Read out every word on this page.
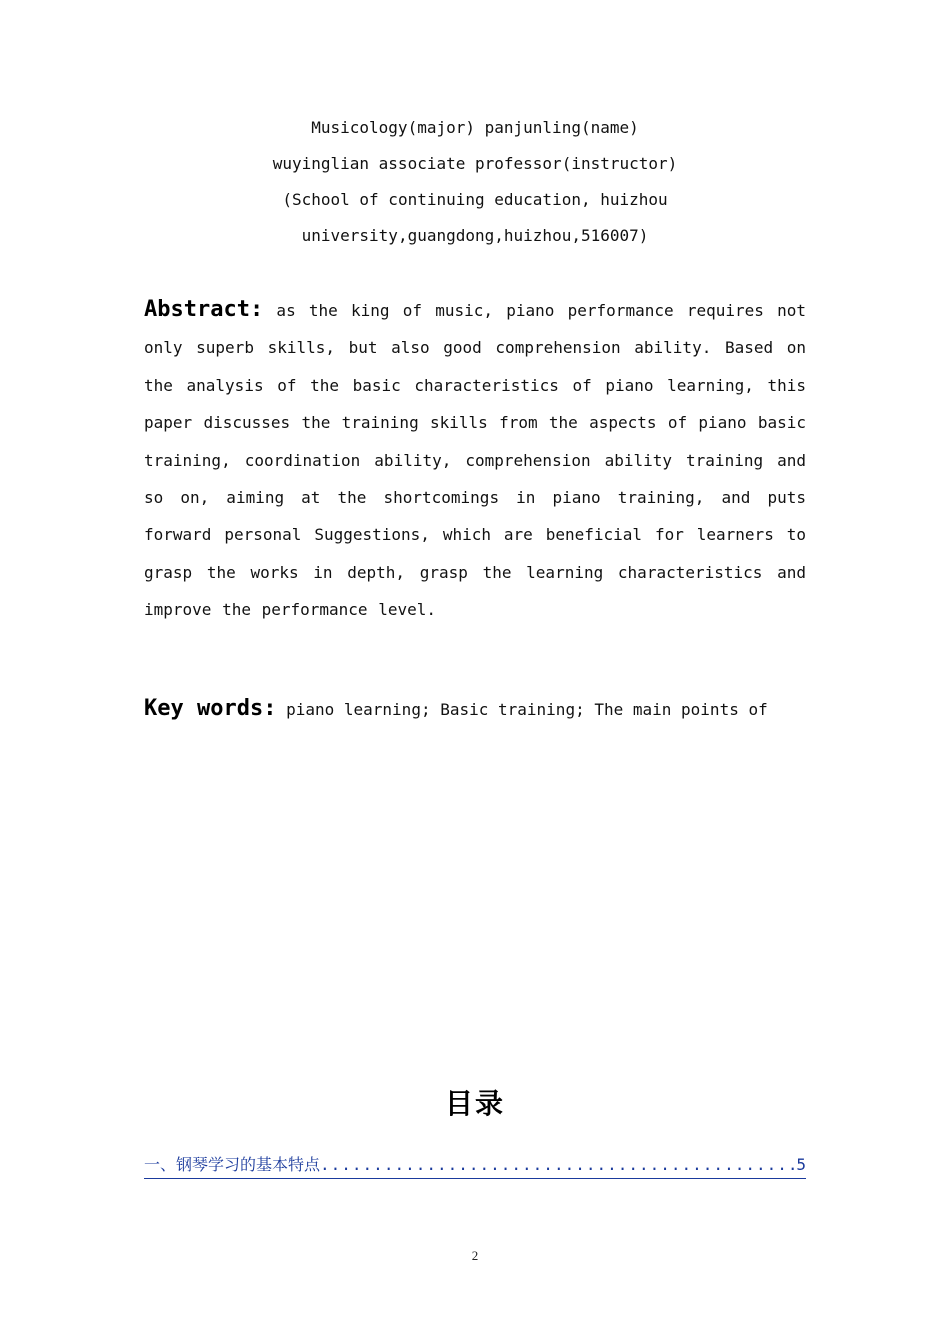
Musicology(major) panjunling(name)
wuyinglian associate professor(instructor)
(School of continuing education, huizhou
university,guangdong,huizhou,516007)
Abstract: as the king of music, piano performance requires not only superb skills, but also good comprehension ability. Based on the analysis of the basic characteristics of piano learning, this paper discusses the training skills from the aspects of piano basic training, coordination ability, comprehension ability training and so on, aiming at the shortcomings in piano training, and puts forward personal Suggestions, which are beneficial for learners to grasp the works in depth, grasp the learning characteristics and improve the performance level.
Key words: piano learning; Basic training; The main points of
目录
一、钢琴学习的基本特点
.....	5
2
